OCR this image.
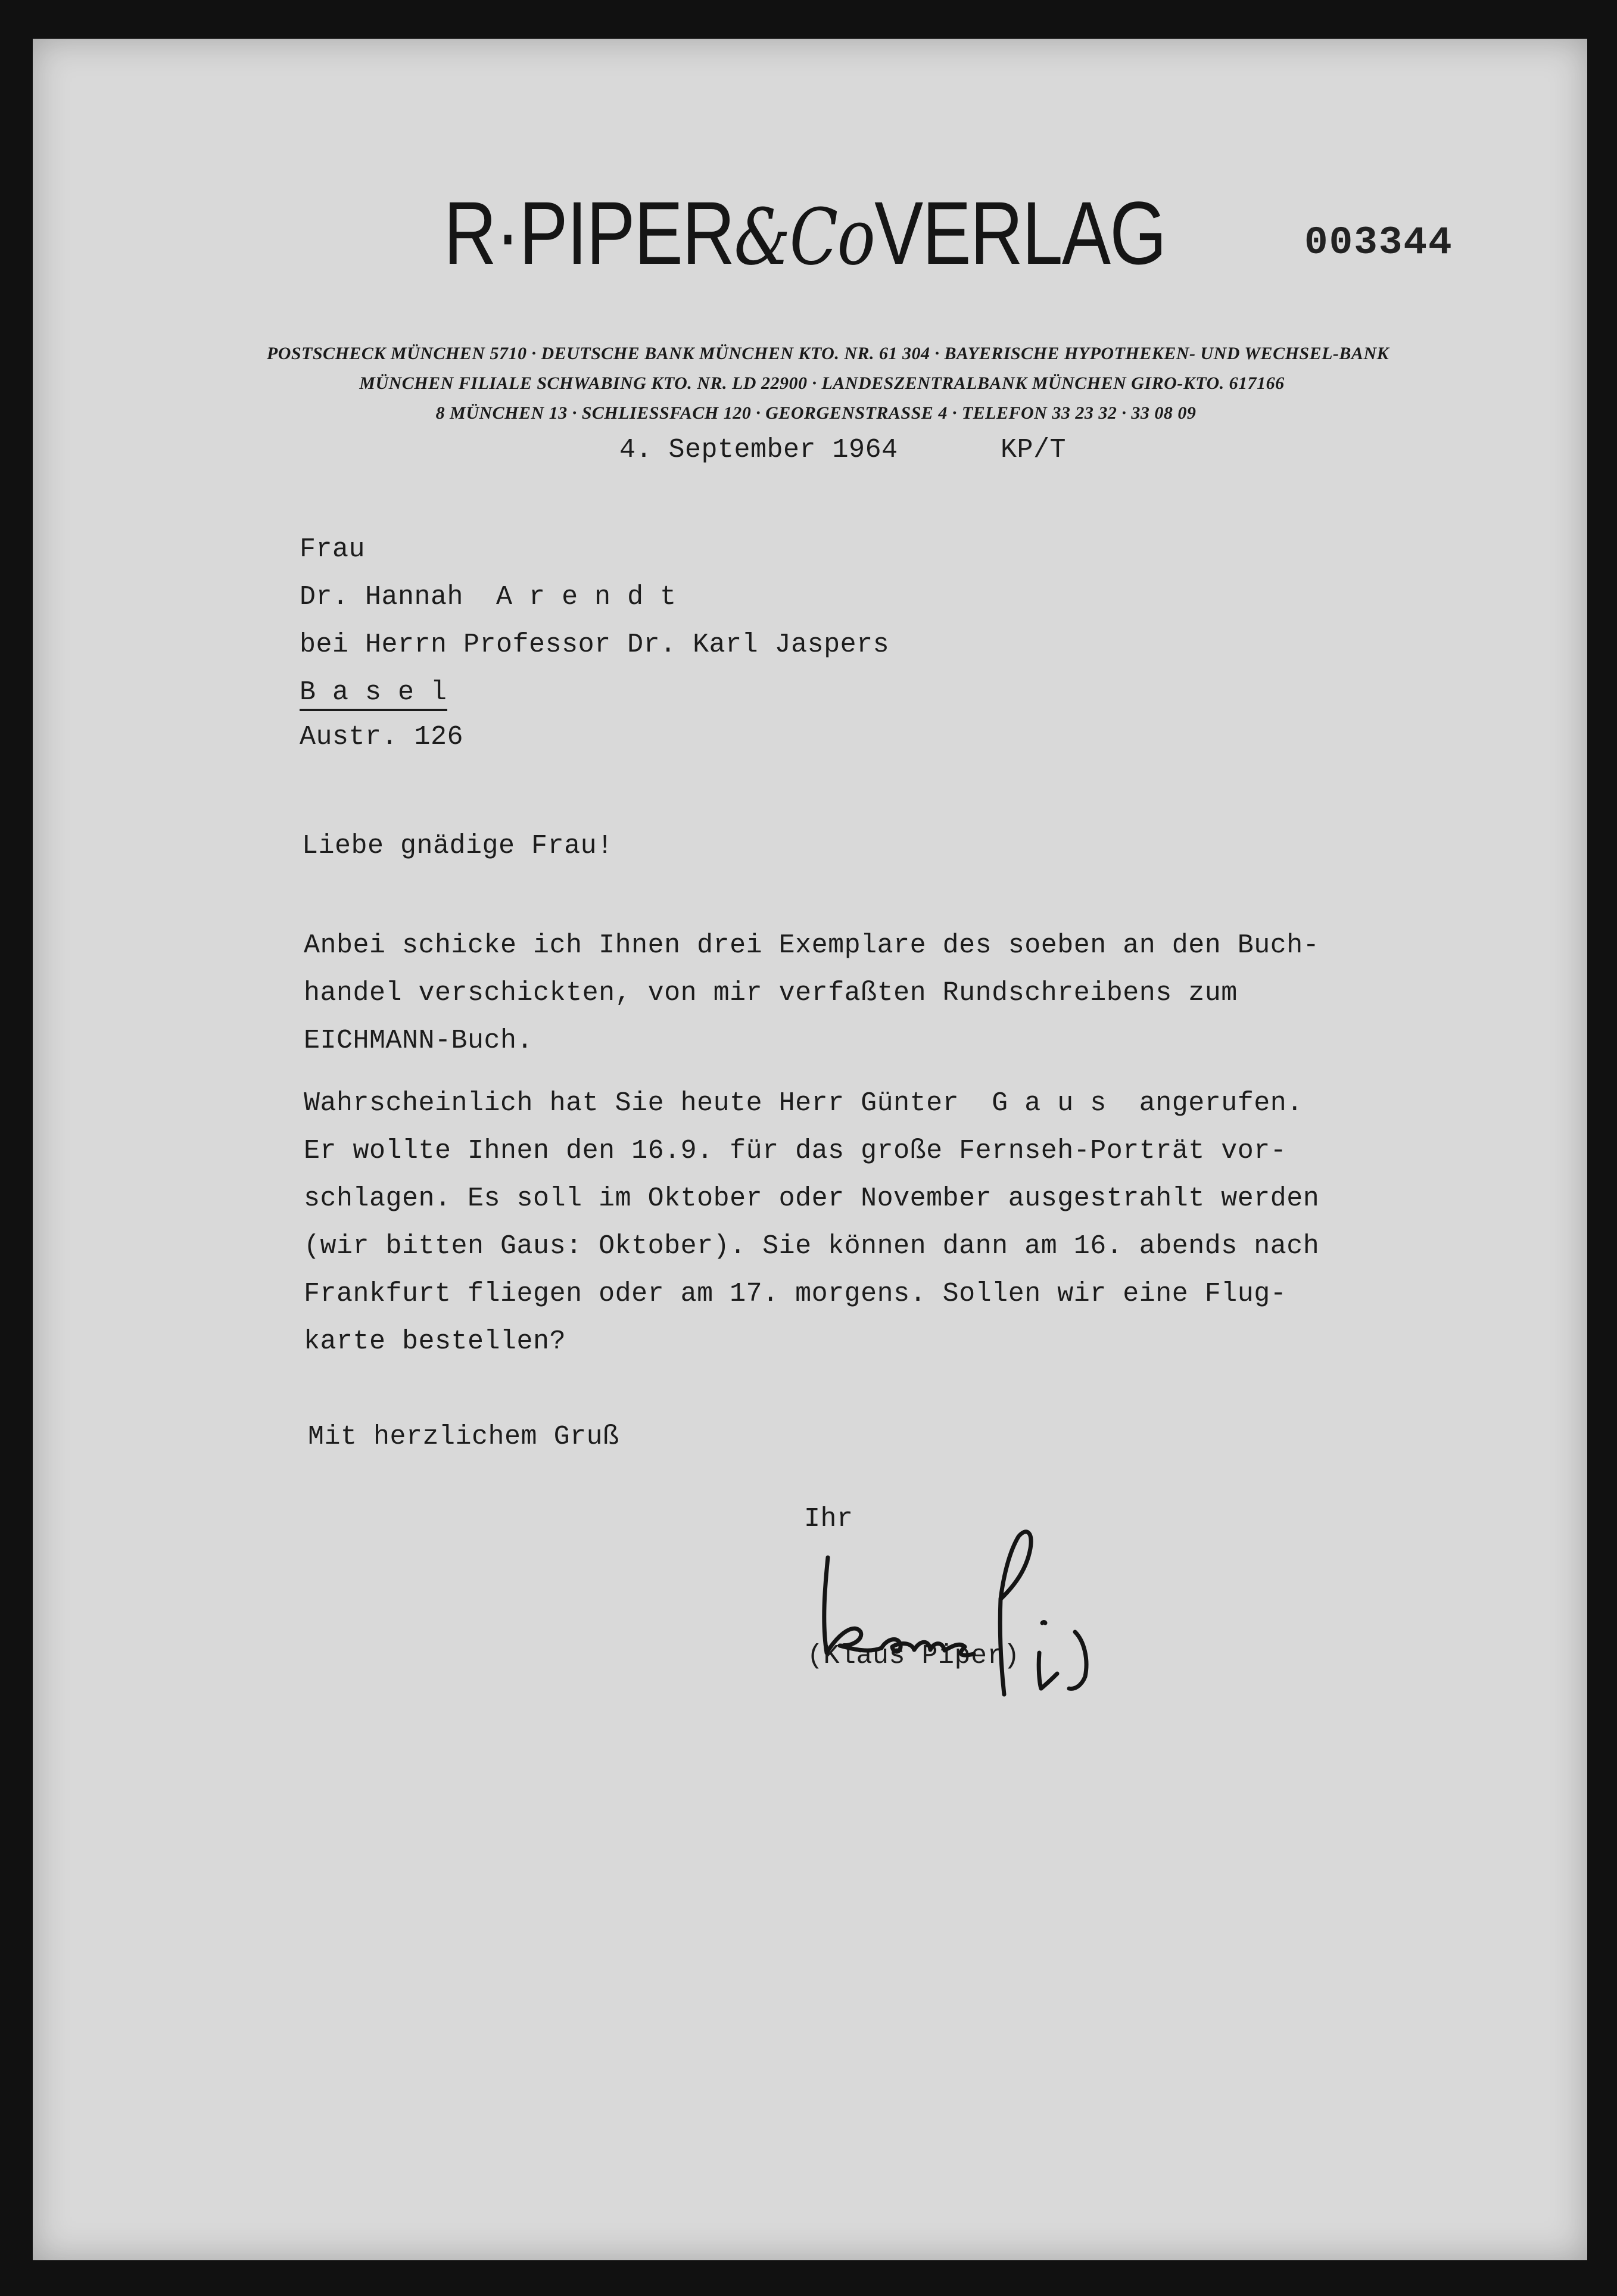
R·PIPER&CoVERLAG	003344
POSTSCHECK MÜNCHEN 5710 · DEUTSCHE BANK MÜNCHEN KTO. NR. 61 304 · BAYERISCHE HYPOTHEKEN- UND WECHSEL-BANK
MÜNCHEN FILIALE SCHWABING KTO. NR. LD 22900 · LANDESZENTRALBANK MÜNCHEN GIRO-KTO. 617166
8 MÜNCHEN 13 · SCHLIESSFACH 120 · GEORGENSTRASSE 4 · TELEFON 33 23 32 · 33 08 09
4. September 1964	KP/T
Frau
Dr. Hannah  A r e n d t
bei Herrn Professor Dr. Karl Jaspers
B a s e l
Austr. 126
Liebe gnädige Frau!
Anbei schicke ich Ihnen drei Exemplare des soeben an den Buch-
handel verschickten, von mir verfaßten Rundschreibens zum
EICHMANN-Buch.
Wahrscheinlich hat Sie heute Herr Günter  G a u s  angerufen.
Er wollte Ihnen den 16.9. für das große Fernseh-Porträt vor-
schlagen. Es soll im Oktober oder November ausgestrahlt werden
(wir bitten Gaus: Oktober). Sie können dann am 16. abends nach
Frankfurt fliegen oder am 17. morgens. Sollen wir eine Flug-
karte bestellen?
Mit herzlichem Gruß
Ihr
(Klaus Piper)
